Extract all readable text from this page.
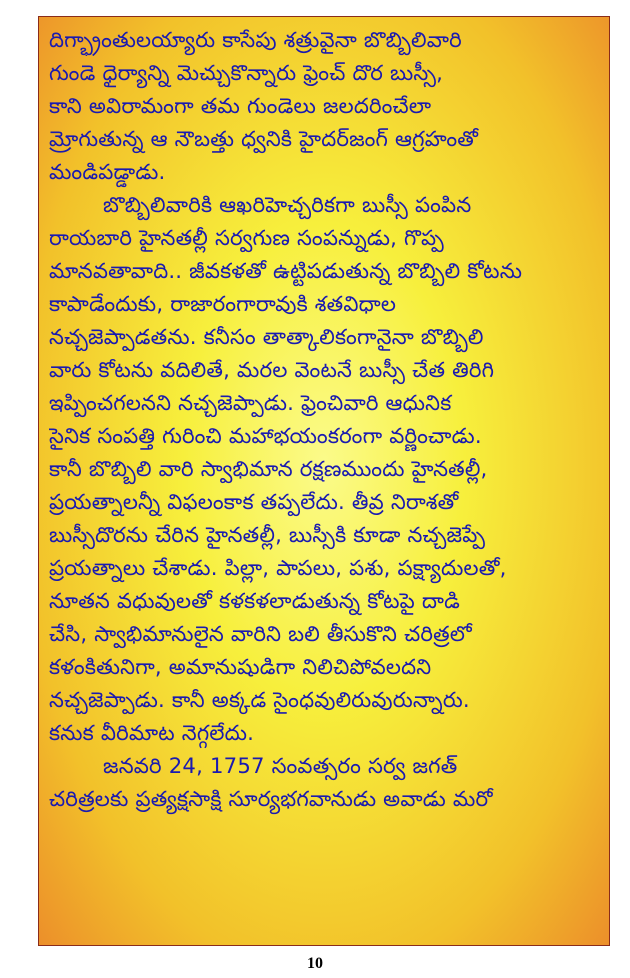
దిగ్భ్రాంతులయ్యారు కాసేపు శత్రువైనా బొబ్బిలివారి
గుండె ధైర్యాన్ని మెచ్చుకొన్నారు ఫ్రెంచ్ దొర బుస్సీ,
కాని అవిరామంగా తమ గుండెలు జలదరించేలా
మ్రోగుతున్న ఆ నౌబత్తు ధ్వనికి హైదర్‌జంగ్ ఆగ్రహంతో
మండిపడ్డాడు.
బొబ్బిలివారికి ఆఖరిహెచ్చరికగా బుస్సీ పంపిన
రాయబారి హైనతల్లీ సర్వగుణ సంపన్నుడు, గొప్ప
మానవతావాది.. జీవకళతో ఉట్టిపడుతున్న బొబ్బిలి కోటను
కాపాడేందుకు, రాజారంగారావుకి శతవిధాల
నచ్చజెప్పాడతను. కనీసం తాత్కాలికంగానైనా బొబ్బిలి
వారు కోటను వదిలితే, మరల వెంటనే బుస్సీ చేత తిరిగి
ఇప్పించగలనని నచ్చజెప్పాడు. ఫ్రెంచివారి ఆధునిక
సైనిక సంపత్తి గురించి మహాభయంకరంగా వర్ణించాడు.
కానీ బొబ్బిలి వారి స్వాభిమాన రక్షణముందు హైనతల్లీ,
ప్రయత్నాలన్నీ విఫలంకాక తప్పలేదు. తీవ్ర నిరాశతో
బుస్సీదొరను చేరిన హైనతల్లీ, బుస్సీకి కూడా నచ్చజెప్పే
ప్రయత్నాలు చేశాడు. పిల్లా, పాపలు, పశు, పక్ష్యాదులతో,
నూతన వధువులతో కళకళలాడుతున్న కోటపై దాడి
చేసి, స్వాభిమానులైన వారిని బలి తీసుకొని చరిత్రలో
కళంకితునిగా, అమానుషుడిగా నిలిచిపోవలదని
నచ్చజెప్పాడు. కానీ అక్కడ సైంధవులిరువురున్నారు.
కనుక వీరిమాట నెగ్గలేదు.
జనవరి 24, 1757 సంవత్సరం సర్వ జగత్
చరిత్రలకు ప్రత్యక్షసాక్షి సూర్యభగవానుడు అవాడు మరో
10
